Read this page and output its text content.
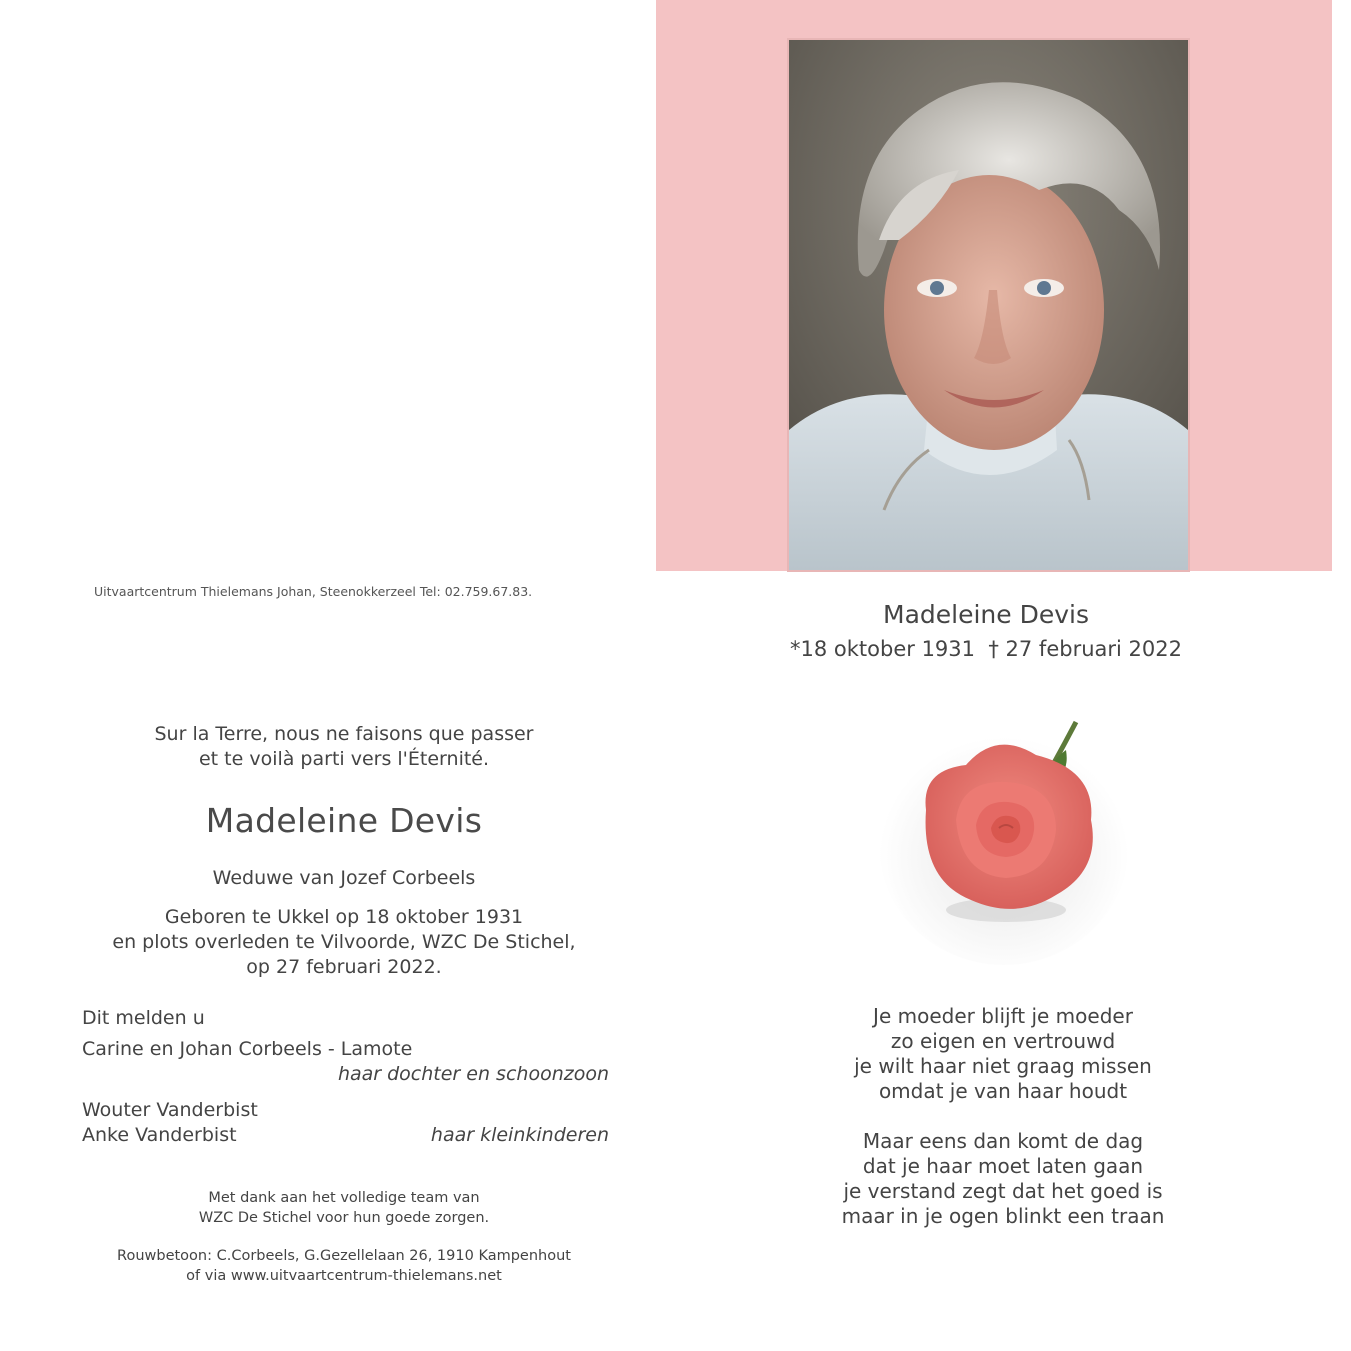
Uitvaartcentrum Thielemans Johan, Steenokkerzeel Tel: 02.759.67.83.
Madeleine Devis
*18 oktober 1931  † 27 februari 2022
Je moeder blijft je moeder
zo eigen en vertrouwd
je wilt haar niet graag missen
omdat je van haar houdt
Maar eens dan komt de dag
dat je haar moet laten gaan
je verstand zegt dat het goed is
maar in je ogen blinkt een traan
Sur la Terre, nous ne faisons que passer
et te voilà parti vers l'Éternité.
Madeleine Devis
Weduwe van Jozef Corbeels
Geboren te Ukkel op 18 oktober 1931
en plots overleden te Vilvoorde, WZC De Stichel,
op 27 februari 2022.
Dit melden u
Carine en Johan Corbeels - Lamote
haar dochter en schoonzoon
Wouter Vanderbist
Anke Vanderbist	haar kleinkinderen
Met dank aan het volledige team van
WZC De Stichel voor hun goede zorgen.
Rouwbetoon: C.Corbeels, G.Gezellelaan 26, 1910 Kampenhout
of via www.uitvaartcentrum-thielemans.net
